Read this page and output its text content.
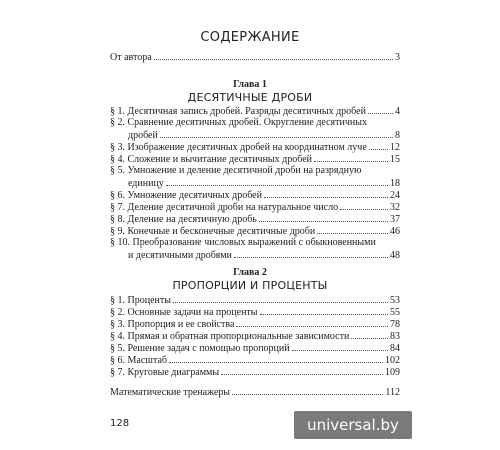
СОДЕРЖАНИЕ
От автора	3
Глава 1
ДЕСЯТИЧНЫЕ ДРОБИ
§ 1. Десятичная запись дробей. Разряды десятичных дробей	4
§ 2. Сравнение десятичных дробей. Округление десятичных
дробей	8
§ 3. Изображение десятичных дробей на координатном луче 12
§ 4. Сложение и вычитание десятичных дробей	15
§ 5. Умножение и деление десятичной дроби на разрядную
единицу	18
§ 6. Умножение десятичных дробей	24
§ 7. Деление десятичной дроби на натуральное число	32
§ 8. Деление на десятичную дробь	37
§ 9. Конечные и бесконечные десятичные дроби	46
§ 10. Преобразование числовых выражений с обыкновенными
и десятичными дробями	48
Глава 2
ПРОПОРЦИИ И ПРОЦЕНТЫ
§ 1. Проценты	53
§ 2. Основные задачи на проценты	55
§ 3. Пропорция и ее свойства	78
§ 4. Прямая и обратная пропорциональные зависимости	83
§ 5. Решение задач с помощью пропорций	84
§ 6. Масштаб	102
§ 7. Круговые диаграммы	109
Математические тренажеры	112
128	universal.by
